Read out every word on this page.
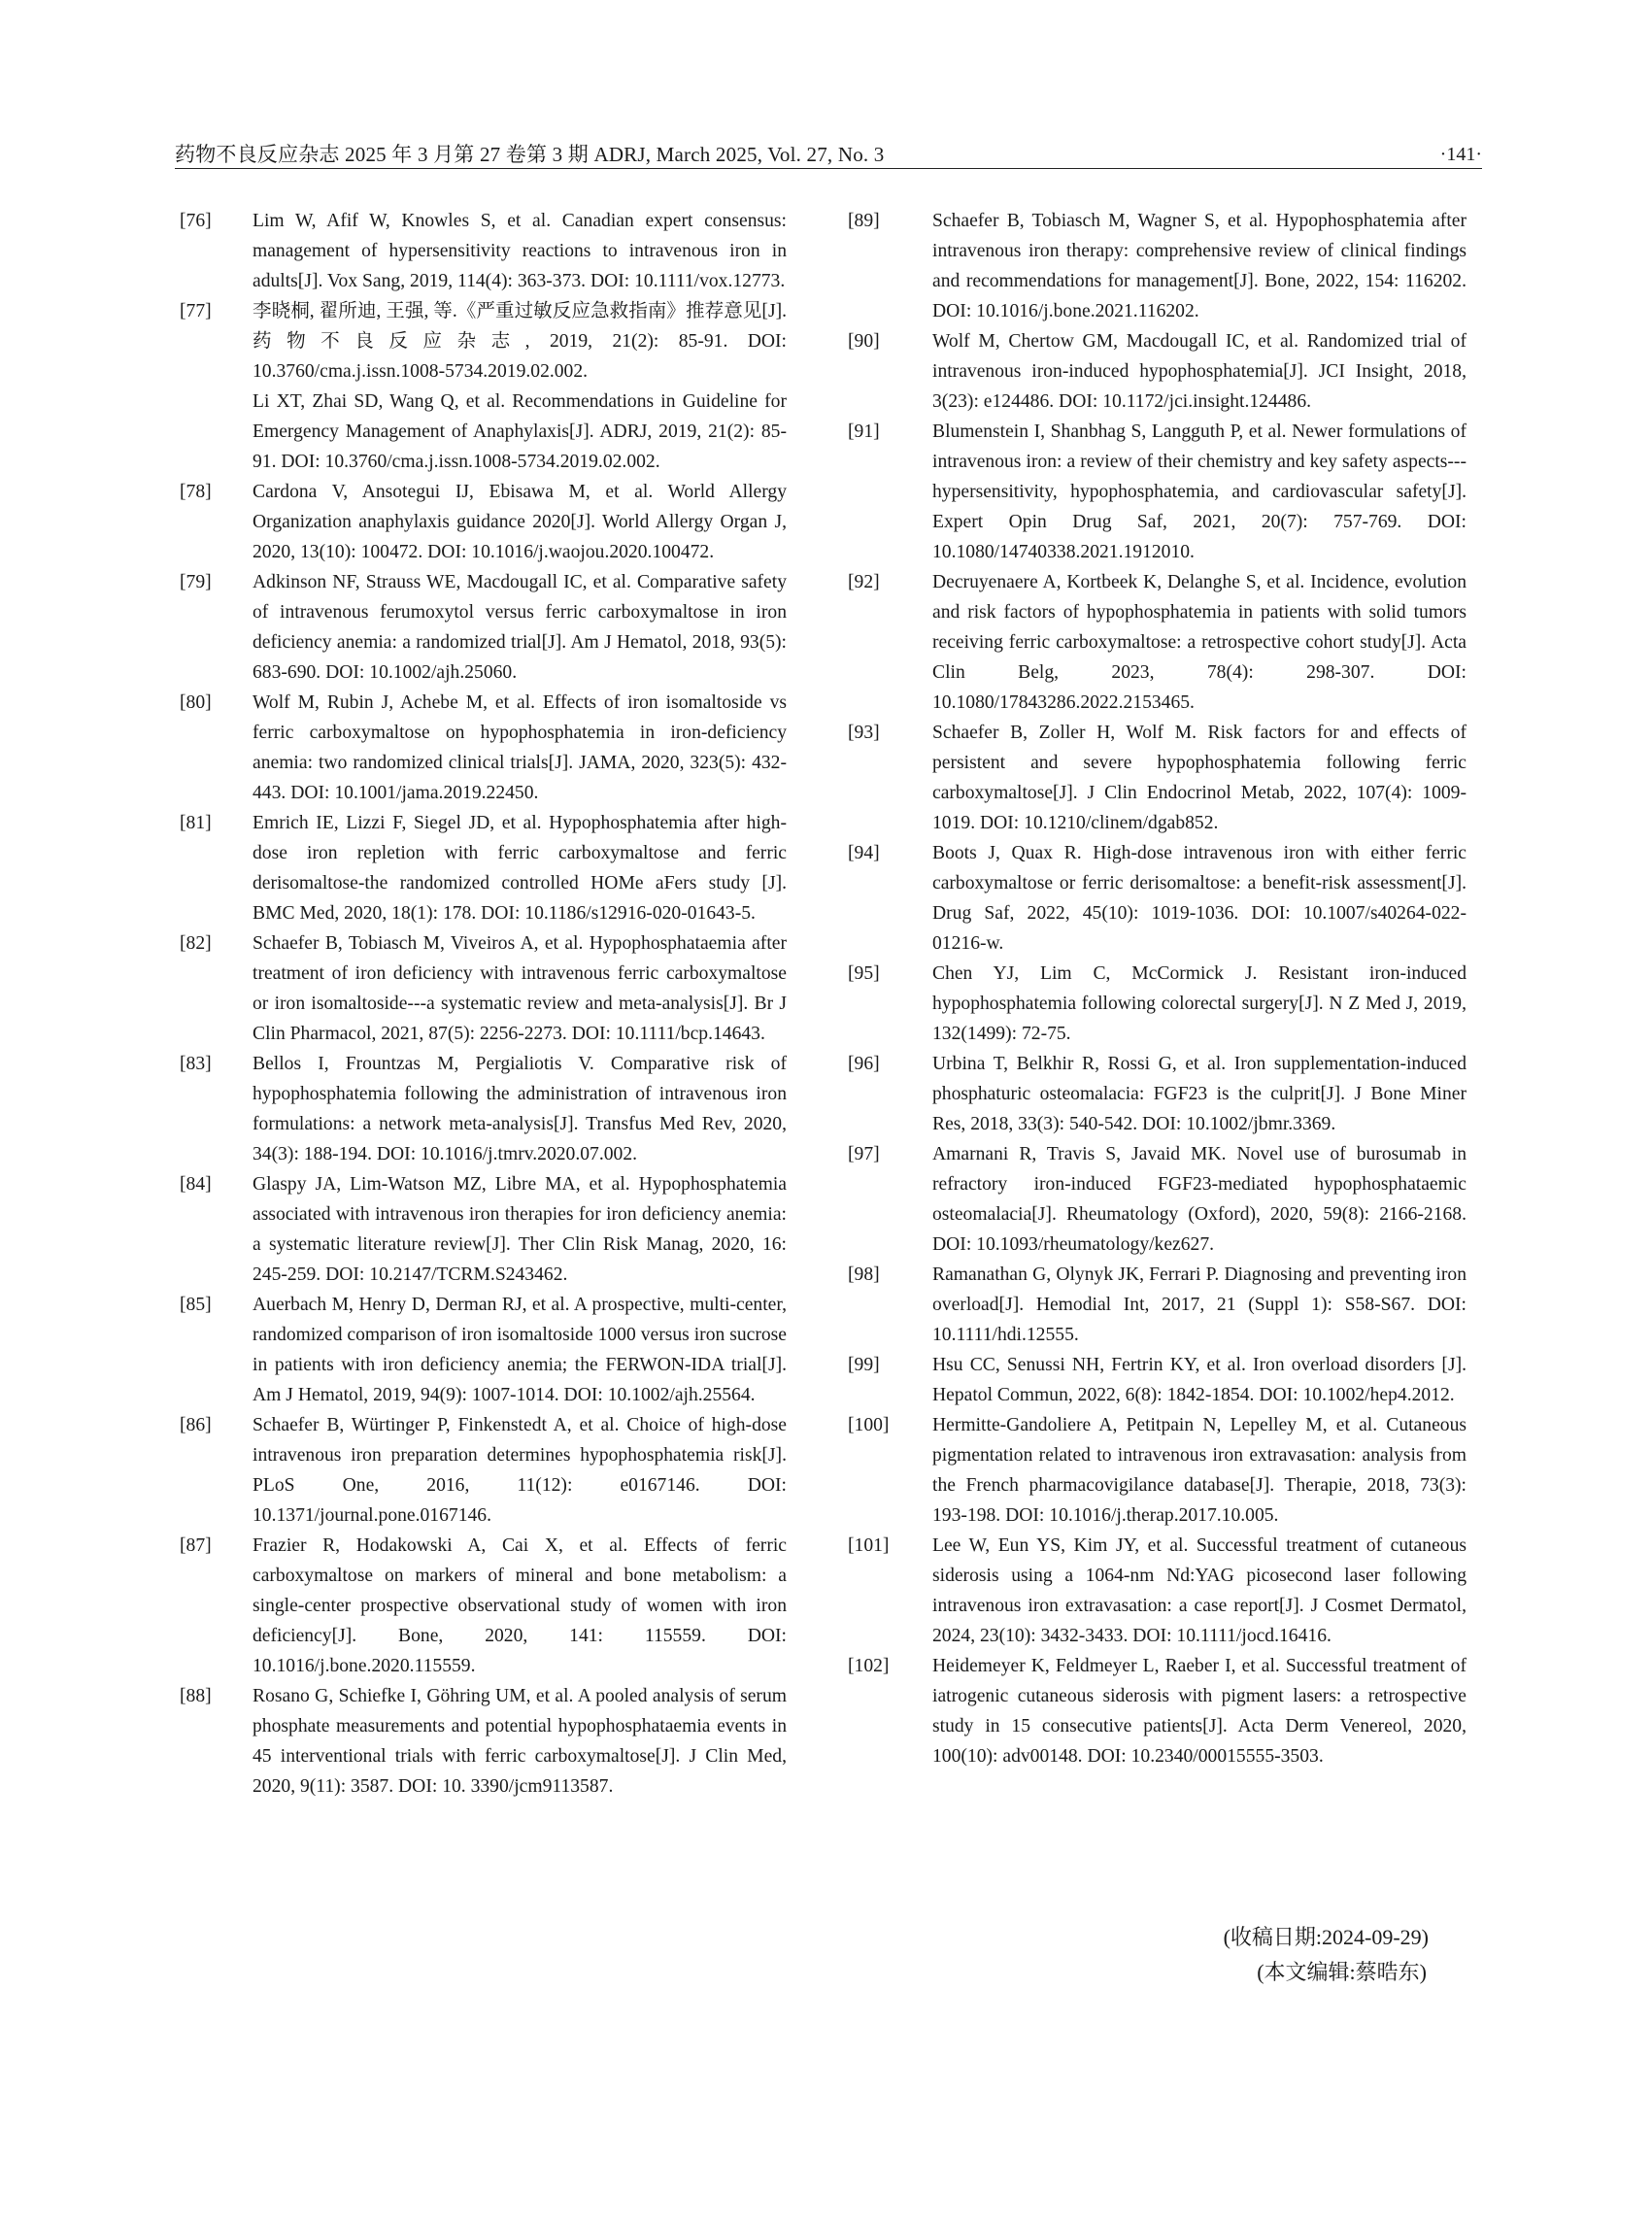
药物不良反应杂志 2025 年 3 月第 27 卷第 3 期 ADRJ, March 2025, Vol. 27, No. 3	·141·
[76] Lim W, Afif W, Knowles S, et al. Canadian expert consensus: management of hypersensitivity reactions to intravenous iron in adults[J]. Vox Sang, 2019, 114(4): 363-373. DOI: 10.1111/vox.12773.
[77] 李晓桐, 翟所迪, 王强, 等.《严重过敏反应急救指南》推荐意见[J]. 药物不良反应杂志, 2019, 21(2): 85-91. DOI: 10.3760/cma.j.issn.1008-5734.2019.02.002.
Li XT, Zhai SD, Wang Q, et al. Recommendations in Guideline for Emergency Management of Anaphylaxis[J]. ADRJ, 2019, 21(2): 85-91. DOI: 10.3760/cma.j.issn.1008-5734.2019.02.002.
[78] Cardona V, Ansotegui IJ, Ebisawa M, et al. World Allergy Organization anaphylaxis guidance 2020[J]. World Allergy Organ J, 2020, 13(10): 100472. DOI: 10.1016/j.waojou.2020.100472.
[79] Adkinson NF, Strauss WE, Macdougall IC, et al. Comparative safety of intravenous ferumoxytol versus ferric carboxymaltose in iron deficiency anemia: a randomized trial[J]. Am J Hematol, 2018, 93(5): 683-690. DOI: 10.1002/ajh.25060.
[80] Wolf M, Rubin J, Achebe M, et al. Effects of iron isomaltoside vs ferric carboxymaltose on hypophosphatemia in iron-deficiency anemia: two randomized clinical trials[J]. JAMA, 2020, 323(5): 432-443. DOI: 10.1001/jama.2019.22450.
[81] Emrich IE, Lizzi F, Siegel JD, et al. Hypophosphatemia after high-dose iron repletion with ferric carboxymaltose and ferric derisomaltose-the randomized controlled HOMe aFers study [J]. BMC Med, 2020, 18(1): 178. DOI: 10.1186/s12916-020-01643-5.
[82] Schaefer B, Tobiasch M, Viveiros A, et al. Hypophosphataemia after treatment of iron deficiency with intravenous ferric carboxymaltose or iron isomaltoside---a systematic review and meta-analysis[J]. Br J Clin Pharmacol, 2021, 87(5): 2256-2273. DOI: 10.1111/bcp.14643.
[83] Bellos I, Frountzas M, Pergialiotis V. Comparative risk of hypophosphatemia following the administration of intravenous iron formulations: a network meta-analysis[J]. Transfus Med Rev, 2020, 34(3): 188-194. DOI: 10.1016/j.tmrv.2020.07.002.
[84] Glaspy JA, Lim-Watson MZ, Libre MA, et al. Hypophosphatemia associated with intravenous iron therapies for iron deficiency anemia: a systematic literature review[J]. Ther Clin Risk Manag, 2020, 16: 245-259. DOI: 10.2147/TCRM.S243462.
[85] Auerbach M, Henry D, Derman RJ, et al. A prospective, multi-center, randomized comparison of iron isomaltoside 1000 versus iron sucrose in patients with iron deficiency anemia; the FERWON-IDA trial[J]. Am J Hematol, 2019, 94(9): 1007-1014. DOI: 10.1002/ajh.25564.
[86] Schaefer B, Würtinger P, Finkenstedt A, et al. Choice of high-dose intravenous iron preparation determines hypophosphatemia risk[J]. PLoS One, 2016, 11(12): e0167146. DOI: 10.1371/journal.pone.0167146.
[87] Frazier R, Hodakowski A, Cai X, et al. Effects of ferric carboxymaltose on markers of mineral and bone metabolism: a single-center prospective observational study of women with iron deficiency[J]. Bone, 2020, 141: 115559. DOI: 10.1016/j.bone.2020.115559.
[88] Rosano G, Schiefke I, Göhring UM, et al. A pooled analysis of serum phosphate measurements and potential hypophosphataemia events in 45 interventional trials with ferric carboxymaltose[J]. J Clin Med, 2020, 9(11): 3587. DOI: 10. 3390/jcm9113587.
[89]	Schaefer B, Tobiasch M, Wagner S, et al. Hypophosphatemia after intravenous iron therapy: comprehensive review of clinical findings and recommendations for management[J]. Bone, 2022, 154: 116202. DOI: 10.1016/j.bone.2021.116202.
[90]	Wolf M, Chertow GM, Macdougall IC, et al. Randomized trial of intravenous iron-induced hypophosphatemia[J]. JCI Insight, 2018, 3(23): e124486. DOI: 10.1172/jci.insight.124486.
[91]	Blumenstein I, Shanbhag S, Langguth P, et al. Newer formulations of intravenous iron: a review of their chemistry and key safety aspects---hypersensitivity, hypophosphatemia, and cardiovascular safety[J]. Expert Opin Drug Saf, 2021, 20(7): 757-769. DOI: 10.1080/14740338.2021.1912010.
[92]	Decruyenaere A, Kortbeek K, Delanghe S, et al. Incidence, evolution and risk factors of hypophosphatemia in patients with solid tumors receiving ferric carboxymaltose: a retrospective cohort study[J]. Acta Clin Belg, 2023, 78(4): 298-307. DOI: 10.1080/17843286.2022.2153465.
[93]	Schaefer B, Zoller H, Wolf M. Risk factors for and effects of persistent and severe hypophosphatemia following ferric carboxymaltose[J]. J Clin Endocrinol Metab, 2022, 107(4): 1009-1019. DOI: 10.1210/clinem/dgab852.
[94]	Boots J, Quax R. High-dose intravenous iron with either ferric carboxymaltose or ferric derisomaltose: a benefit-risk assessment[J]. Drug Saf, 2022, 45(10): 1019-1036. DOI: 10.1007/s40264-022-01216-w.
[95]	Chen YJ, Lim C, McCormick J. Resistant iron-induced hypophosphatemia following colorectal surgery[J]. N Z Med J, 2019, 132(1499): 72-75.
[96]	Urbina T, Belkhir R, Rossi G, et al. Iron supplementation-induced phosphaturic osteomalacia: FGF23 is the culprit[J]. J Bone Miner Res, 2018, 33(3): 540-542. DOI: 10.1002/jbmr.3369.
[97]	Amarnani R, Travis S, Javaid MK. Novel use of burosumab in refractory iron-induced FGF23-mediated hypophosphataemic osteomalacia[J]. Rheumatology (Oxford), 2020, 59(8): 2166-2168. DOI: 10.1093/rheumatology/kez627.
[98]	Ramanathan G, Olynyk JK, Ferrari P. Diagnosing and preventing iron overload[J]. Hemodial Int, 2017, 21 (Suppl 1): S58-S67. DOI: 10.1111/hdi.12555.
[99]	Hsu CC, Senussi NH, Fertrin KY, et al. Iron overload disorders [J]. Hepatol Commun, 2022, 6(8): 1842-1854. DOI: 10.1002/hep4.2012.
[100] Hermitte-Gandoliere A, Petitpain N, Lepelley M, et al. Cutaneous pigmentation related to intravenous iron extravasation: analysis from the French pharmacovigilance database[J]. Therapie, 2018, 73(3): 193-198. DOI: 10.1016/j.therap.2017.10.005.
[101] Lee W, Eun YS, Kim JY, et al. Successful treatment of cutaneous siderosis using a 1064-nm Nd:YAG picosecond laser following intravenous iron extravasation: a case report[J]. J Cosmet Dermatol, 2024, 23(10): 3432-3433. DOI: 10.1111/jocd.16416.
[102] Heidemeyer K, Feldmeyer L, Raeber I, et al. Successful treatment of iatrogenic cutaneous siderosis with pigment lasers: a retrospective study in 15 consecutive patients[J]. Acta Derm Venereol, 2020, 100(10): adv00148. DOI: 10.2340/00015555-3503.
(收稿日期:2024-09-29)
(本文编辑:蔡晧东)
